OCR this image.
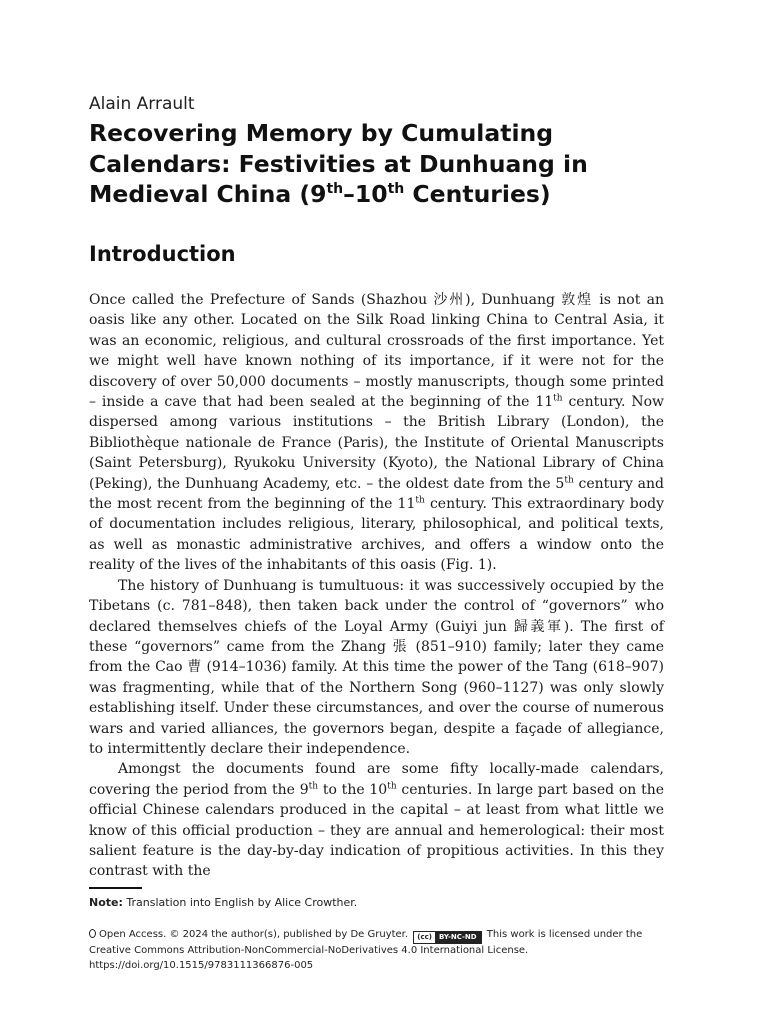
Alain Arrault
Recovering Memory by Cumulating
Calendars: Festivities at Dunhuang in
Medieval China (9th–10th Centuries)
Introduction

Once called the Prefecture of Sands (Shazhou 沙州), Dunhuang 敦煌 is not an oasis like any other. Located on the Silk Road linking China to Central Asia, it was an economic, religious, and cultural crossroads of the first importance. Yet we might well have known nothing of its importance, if it were not for the discovery of over 50,000 documents – mostly manuscripts, though some printed – inside a cave that had been sealed at the beginning of the 11th century. Now dispersed among various institutions – the British Library (London), the Bibliothèque nationale de France (Paris), the Institute of Oriental Manuscripts (Saint Petersburg), Ryukoku University (Kyoto), the National Library of China (Peking), the Dunhuang Academy, etc. – the oldest date from the 5th century and the most recent from the beginning of the 11th century. This extraordinary body of documentation includes religious, literary, philosophical, and political texts, as well as monastic administrative archives, and offers a window onto the reality of the lives of the inhabitants of this oasis (Fig. 1).

The history of Dunhuang is tumultuous: it was successively occupied by the Tibetans (c. 781–848), then taken back under the control of “governors” who declared themselves chiefs of the Loyal Army (Guiyi jun 歸義軍). The first of these “governors” came from the Zhang 張 (851–910) family; later they came from the Cao 曹 (914–1036) family. At this time the power of the Tang (618–907) was fragmenting, while that of the Northern Song (960–1127) was only slowly establishing itself. Under these circumstances, and over the course of numerous wars and varied alliances, the governors began, despite a façade of allegiance, to intermittently declare their independence.

Amongst the documents found are some fifty locally-made calendars, covering the period from the 9th to the 10th centuries. In large part based on the official Chinese calendars produced in the capital – at least from what little we know of this official production – they are annual and hemerological: their most salient feature is the day-by-day indication of propitious activities. In this they contrast with the

Note: Translation into English by Alice Crowther.
Open Access. © 2024 the author(s), published by De Gruyter. (cc) BY-NC-ND This work is licensed under the Creative Commons Attribution-NonCommercial-NoDerivatives 4.0 International License.
https://doi.org/10.1515/9783111366876-005
